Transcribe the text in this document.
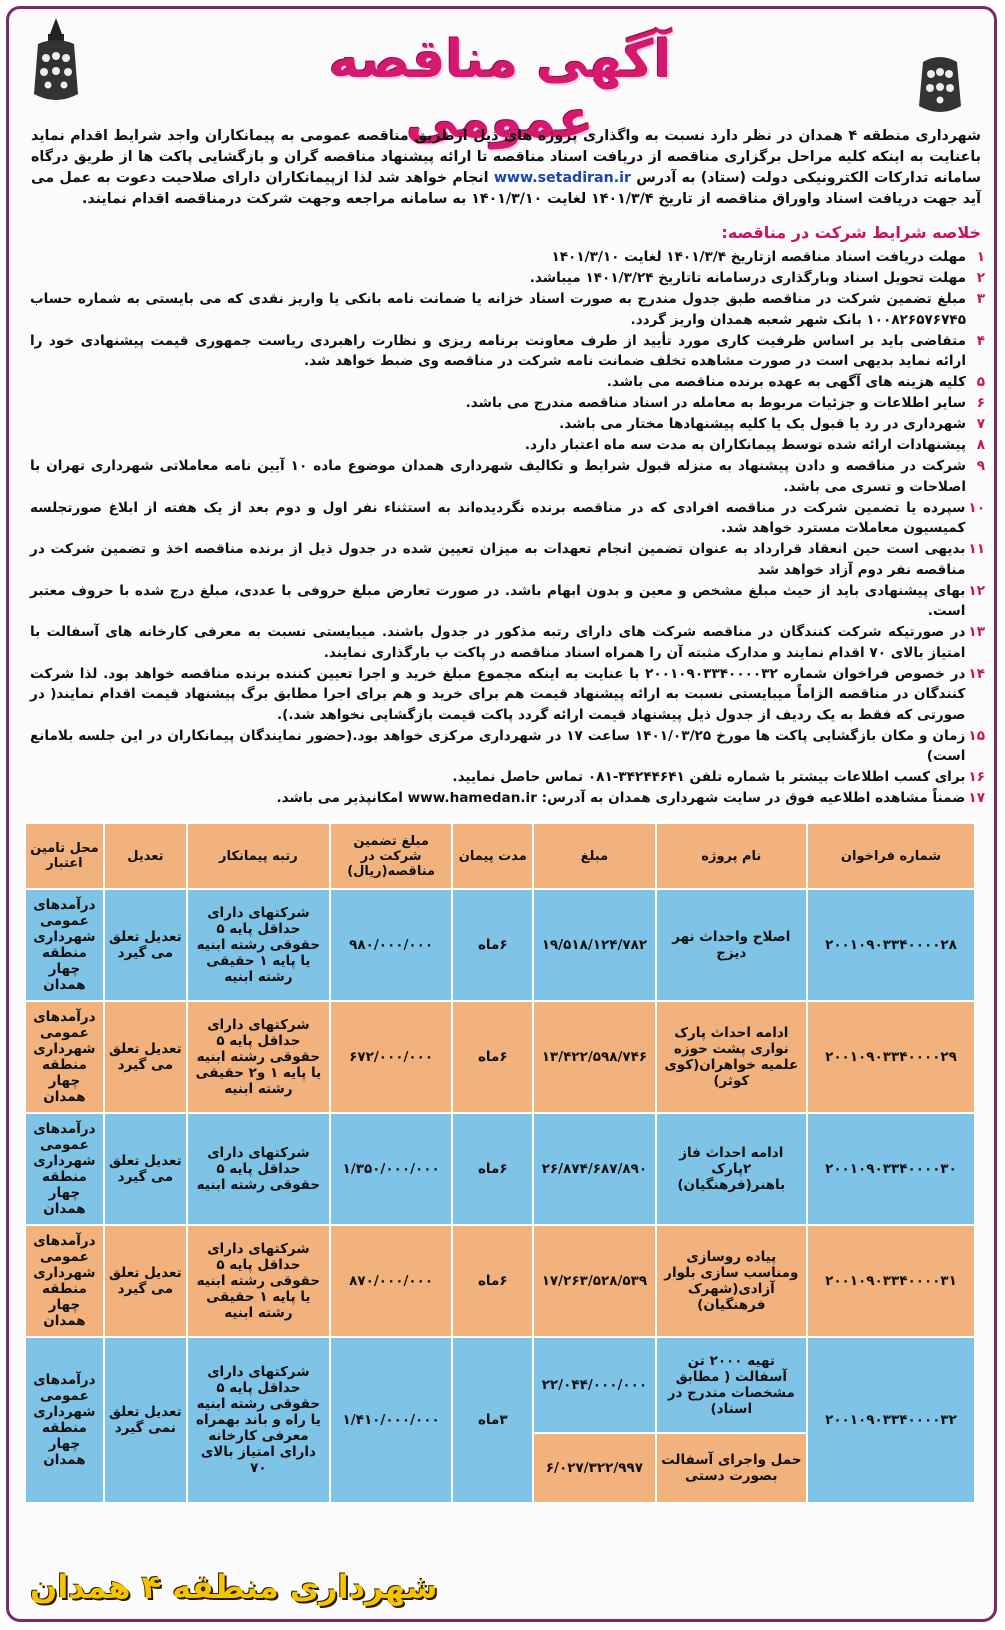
آگهی مناقصه عمومی
شهرداری منطقه ۴ همدان در نظر دارد نسبت به واگذاری پروژه های ذیل ازطریق مناقصه عمومی به پیمانکاران واجد شرایط اقدام نماید باعنایت به اینکه کلیه مراحل برگزاری مناقصه از دریافت اسناد مناقصه تا ارائه پیشنهاد مناقصه گران و بازگشایی پاکت ها از طریق درگاه سامانه تدارکات الکترونیکی دولت (ستاد) به آدرس www.setadiran.ir انجام خواهد شد لذا ازپیمانکاران دارای صلاحیت دعوت به عمل می آید جهت دریافت اسناد واوراق مناقصه از تاریخ ۱۴۰۱/۳/۴ لغایت ۱۴۰۱/۳/۱۰ به سامانه مراجعه وجهت شرکت درمناقصه اقدام نمایند.
خلاصه شرایط شرکت در مناقصه:
۱
مهلت دریافت اسناد مناقصه ازتاریخ ۱۴۰۱/۳/۴ لغایت ۱۴۰۱/۳/۱۰
۲
مهلت تحویل اسناد وبارگذاری درسامانه تاتاریخ ۱۴۰۱/۳/۲۴ میباشد.
۳
مبلغ تضمین شرکت در مناقصه طبق جدول مندرج به صورت اسناد خزانه یا ضمانت نامه بانکی یا واریز نقدی که می بایستی به شماره حساب ۱۰۰۸۲۶۵۷۶۷۴۵ بانک شهر شعبه همدان واریز گردد.
۴
متقاضی باید بر اساس ظرفیت کاری مورد تأیید از طرف معاونت برنامه ریزی و نظارت راهبردی ریاست جمهوری قیمت پیشنهادی خود را ارائه نماید بدیهی است در صورت مشاهده تخلف ضمانت نامه شرکت در مناقصه وی ضبط خواهد شد.
۵
کلیه هزینه های آگهی به عهده برنده مناقصه می باشد.
۶
سایر اطلاعات و جزئیات مربوط به معامله در اسناد مناقصه مندرج می باشد.
۷
شهرداری در رد یا قبول یک یا کلیه پیشنهادها مختار می باشد.
۸
پیشنهادات ارائه شده توسط پیمانکاران به مدت سه ماه اعتبار دارد.
۹
شرکت در مناقصه و دادن پیشنهاد به منزله قبول شرایط و تکالیف شهرداری همدان موضوع ماده ۱۰ آیین نامه معاملاتی شهرداری تهران با اصلاحات و تسری می باشد.
۱۰
سپرده یا تضمین شرکت در مناقصه افرادی که در مناقصه برنده نگردیده‌اند به استثناء نفر اول و دوم بعد از یک هفته از ابلاغ صورتجلسه کمیسیون معاملات مسترد خواهد شد.
۱۱
بدیهی است حین انعقاد قرارداد به عنوان تضمین انجام تعهدات به میزان تعیین شده در جدول ذیل از برنده مناقصه اخذ و تضمین شرکت در مناقصه نفر دوم آزاد خواهد شد
۱۲
بهای پیشنهادی باید از حیث مبلغ مشخص و معین و بدون ابهام باشد. در صورت تعارض مبلغ حروفی با عددی، مبلغ درج شده با حروف معتبر است.
۱۳
در صورتیکه شرکت کنندگان در مناقصه شرکت های دارای رتبه مذکور در جدول باشند. میبایستی نسبت به معرفی کارخانه های آسفالت با امتیاز بالای ۷۰ اقدام نمایند و مدارک مثبته آن را همراه اسناد مناقصه در پاکت ب بارگذاری نمایند.
۱۴
در خصوص فراخوان شماره ۲۰۰۱۰۹۰۳۳۴۰۰۰۰۳۲ با عنایت به اینکه مجموع مبلغ خرید و اجرا تعیین کننده برنده مناقصه خواهد بود. لذا شرکت کنندگان در مناقصه الزاماً میبایستی نسبت به ارائه پیشنهاد قیمت هم برای خرید و هم برای اجرا مطابق برگ پیشنهاد قیمت اقدام نمایند( در صورتی که فقط به یک ردیف از جدول ذیل پیشنهاد قیمت ارائه گردد پاکت قیمت بازگشایی نخواهد شد.).
۱۵
زمان و مکان بازگشایی پاکت ها مورخ ۱۴۰۱/۰۳/۲۵ ساعت ۱۷ در شهرداری مرکزی خواهد بود.(حضور نمایندگان پیمانکاران در این جلسه بلامانع است)
۱۶
برای کسب اطلاعات بیشتر با شماره تلفن ۳۴۲۴۴۶۴۱-۰۸۱ تماس حاصل نمایید.
۱۷
ضمناً مشاهده اطلاعیه فوق در سایت شهرداری همدان به آدرس: www.hamedan.ir امکانپذیر می باشد.
شماره فراخوان	نام پروژه	مبلغ	مدت پیمان	مبلغ تضمین شرکت در مناقصه(ریال)	رتبه پیمانکار	تعدیل	محل تامین اعتبار
۲۰۰۱۰۹۰۳۳۴۰۰۰۰۲۸	اصلاح واحداث نهر دیزج	۱۹/۵۱۸/۱۲۴/۷۸۲	۶ماه	۹۸۰/۰۰۰/۰۰۰	شرکتهای دارای حداقل پایه ۵ حقوقی رشته ابنیه یا پایه ۱ حقیقی رشته ابنیه	تعدیل تعلق می گیرد	درآمدهای عمومی شهرداری منطقه چهار همدان
۲۰۰۱۰۹۰۳۳۴۰۰۰۰۲۹	ادامه احداث پارک نواری پشت حوزه علمیه خواهران(کوی کوثر)	۱۳/۴۲۲/۵۹۸/۷۴۶	۶ماه	۶۷۲/۰۰۰/۰۰۰	شرکتهای دارای حداقل پایه ۵ حقوقی رشته ابنیه یا پایه ۱ و۲ حقیقی رشته ابنیه	تعدیل تعلق می گیرد	درآمدهای عمومی شهرداری منطقه چهار همدان
۲۰۰۱۰۹۰۳۳۴۰۰۰۰۳۰	ادامه احداث فاز ۲پارک باهنر(فرهنگیان)	۲۶/۸۷۴/۶۸۷/۸۹۰	۶ماه	۱/۳۵۰/۰۰۰/۰۰۰	شرکتهای دارای حداقل پایه ۵ حقوقی رشته ابنیه	تعدیل تعلق می گیرد	درآمدهای عمومی شهرداری منطقه چهار همدان
۲۰۰۱۰۹۰۳۳۴۰۰۰۰۳۱	پیاده روسازی ومناسب سازی بلوار آزادی(شهرک فرهنگیان)	۱۷/۲۶۳/۵۲۸/۵۳۹	۶ماه	۸۷۰/۰۰۰/۰۰۰	شرکتهای دارای حداقل پایه ۵ حقوقی رشته ابنیه یا پایه ۱ حقیقی رشته ابنیه	تعدیل تعلق می گیرد	درآمدهای عمومی شهرداری منطقه چهار همدان
۲۰۰۱۰۹۰۳۳۴۰۰۰۰۳۲	تهیه ۲۰۰۰ تن آسفالت ( مطابق مشخصات مندرج در اسناد)	۲۲/۰۴۴/۰۰۰/۰۰۰	۳ماه	۱/۴۱۰/۰۰۰/۰۰۰	شرکتهای دارای حداقل پایه ۵ حقوقی رشته ابنیه یا راه و باند بهمراه معرفی کارخانه دارای امتیاز بالای ۷۰	تعدیل تعلق نمی گیرد	درآمدهای عمومی شهرداری منطقه چهار همدان
	حمل واجرای آسفالت بصورت دستی	۶/۰۲۷/۳۲۲/۹۹۷					
شهرداری منطقه ۴ همدان
